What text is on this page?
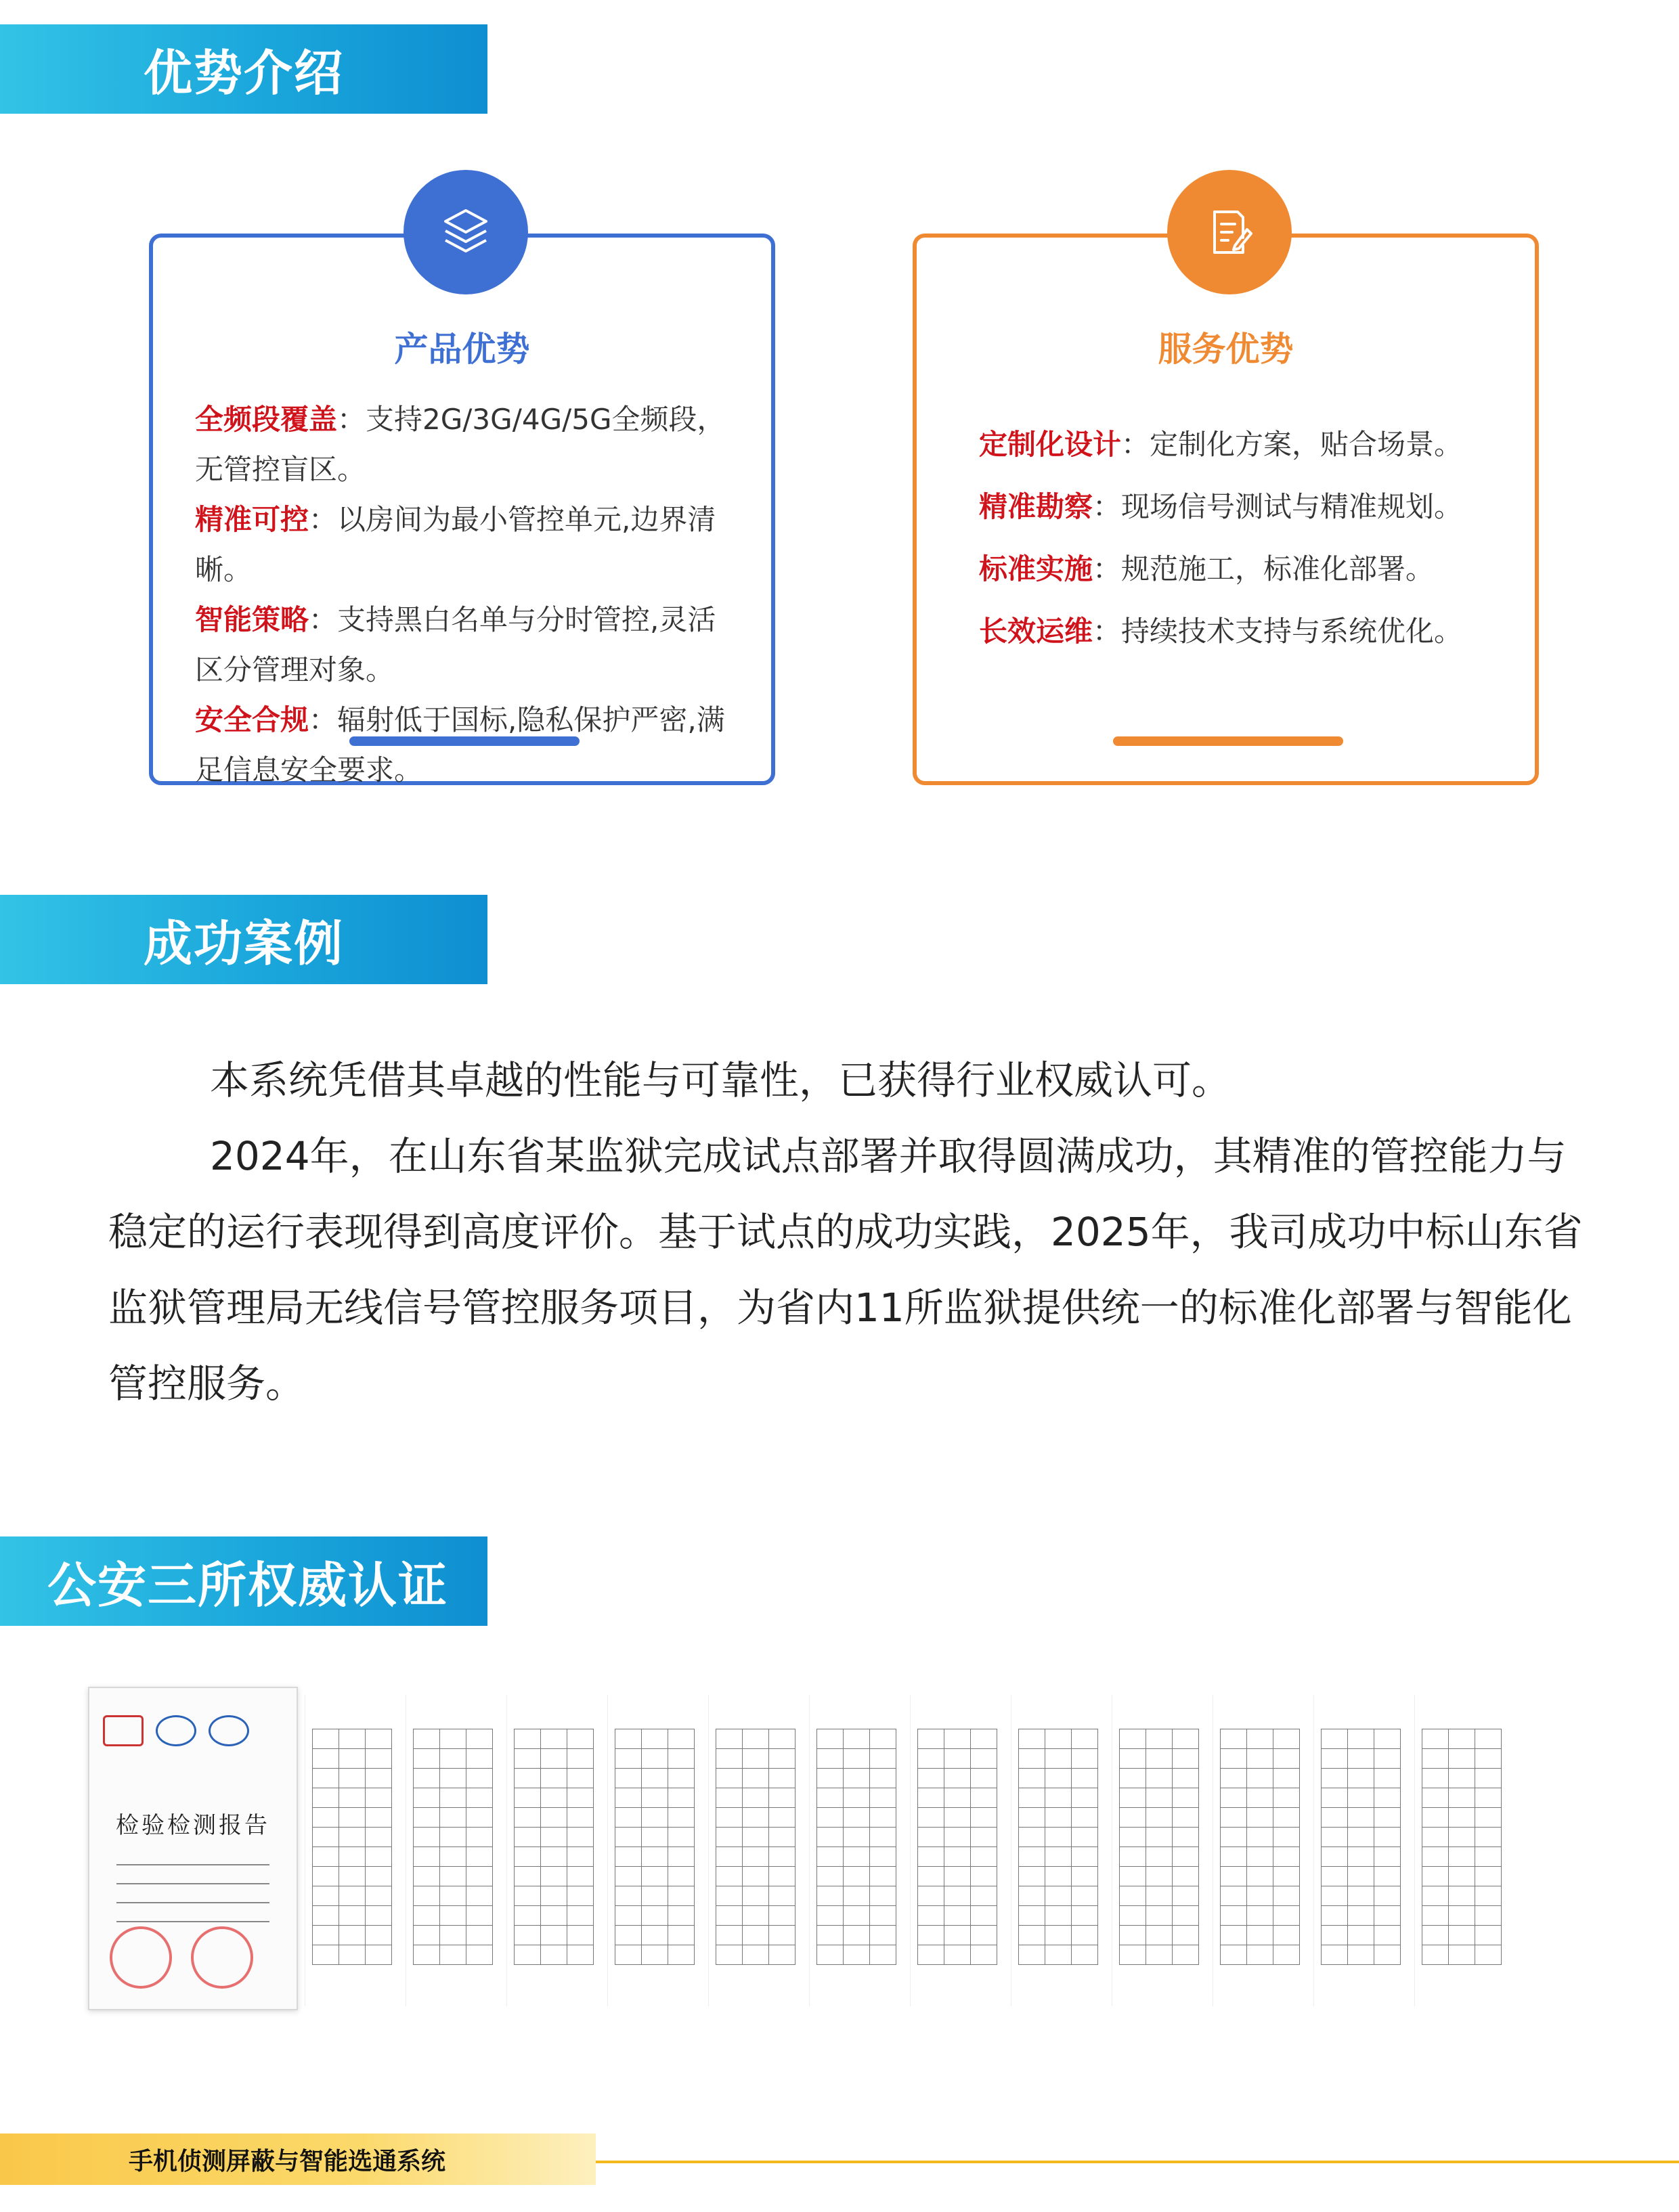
优势介绍
产品优势
全频段覆盖：支持2G/3G/4G/5G全频段，无管控盲区。
精准可控：以房间为最小管控单元,边界清晰。
智能策略：支持黑白名单与分时管控,灵活区分管理对象。
安全合规：辐射低于国标,隐私保护严密,满足信息安全要求。
服务优势
定制化设计：定制化方案，贴合场景。
精准勘察：现场信号测试与精准规划。
标准实施：规范施工，标准化部署。
长效运维：持续技术支持与系统优化。
成功案例

本系统凭借其卓越的性能与可靠性，已获得行业权威认可。

2024年，在山东省某监狱完成试点部署并取得圆满成功，其精准的管控能力与稳定的运行表现得到高度评价。基于试点的成功实践，2025年，我司成功中标山东省监狱管理局无线信号管控服务项目，为省内11所监狱提供统一的标准化部署与智能化管控服务。

公安三所权威认证
检验检测报告

手机侦测屏蔽与智能选通系统
